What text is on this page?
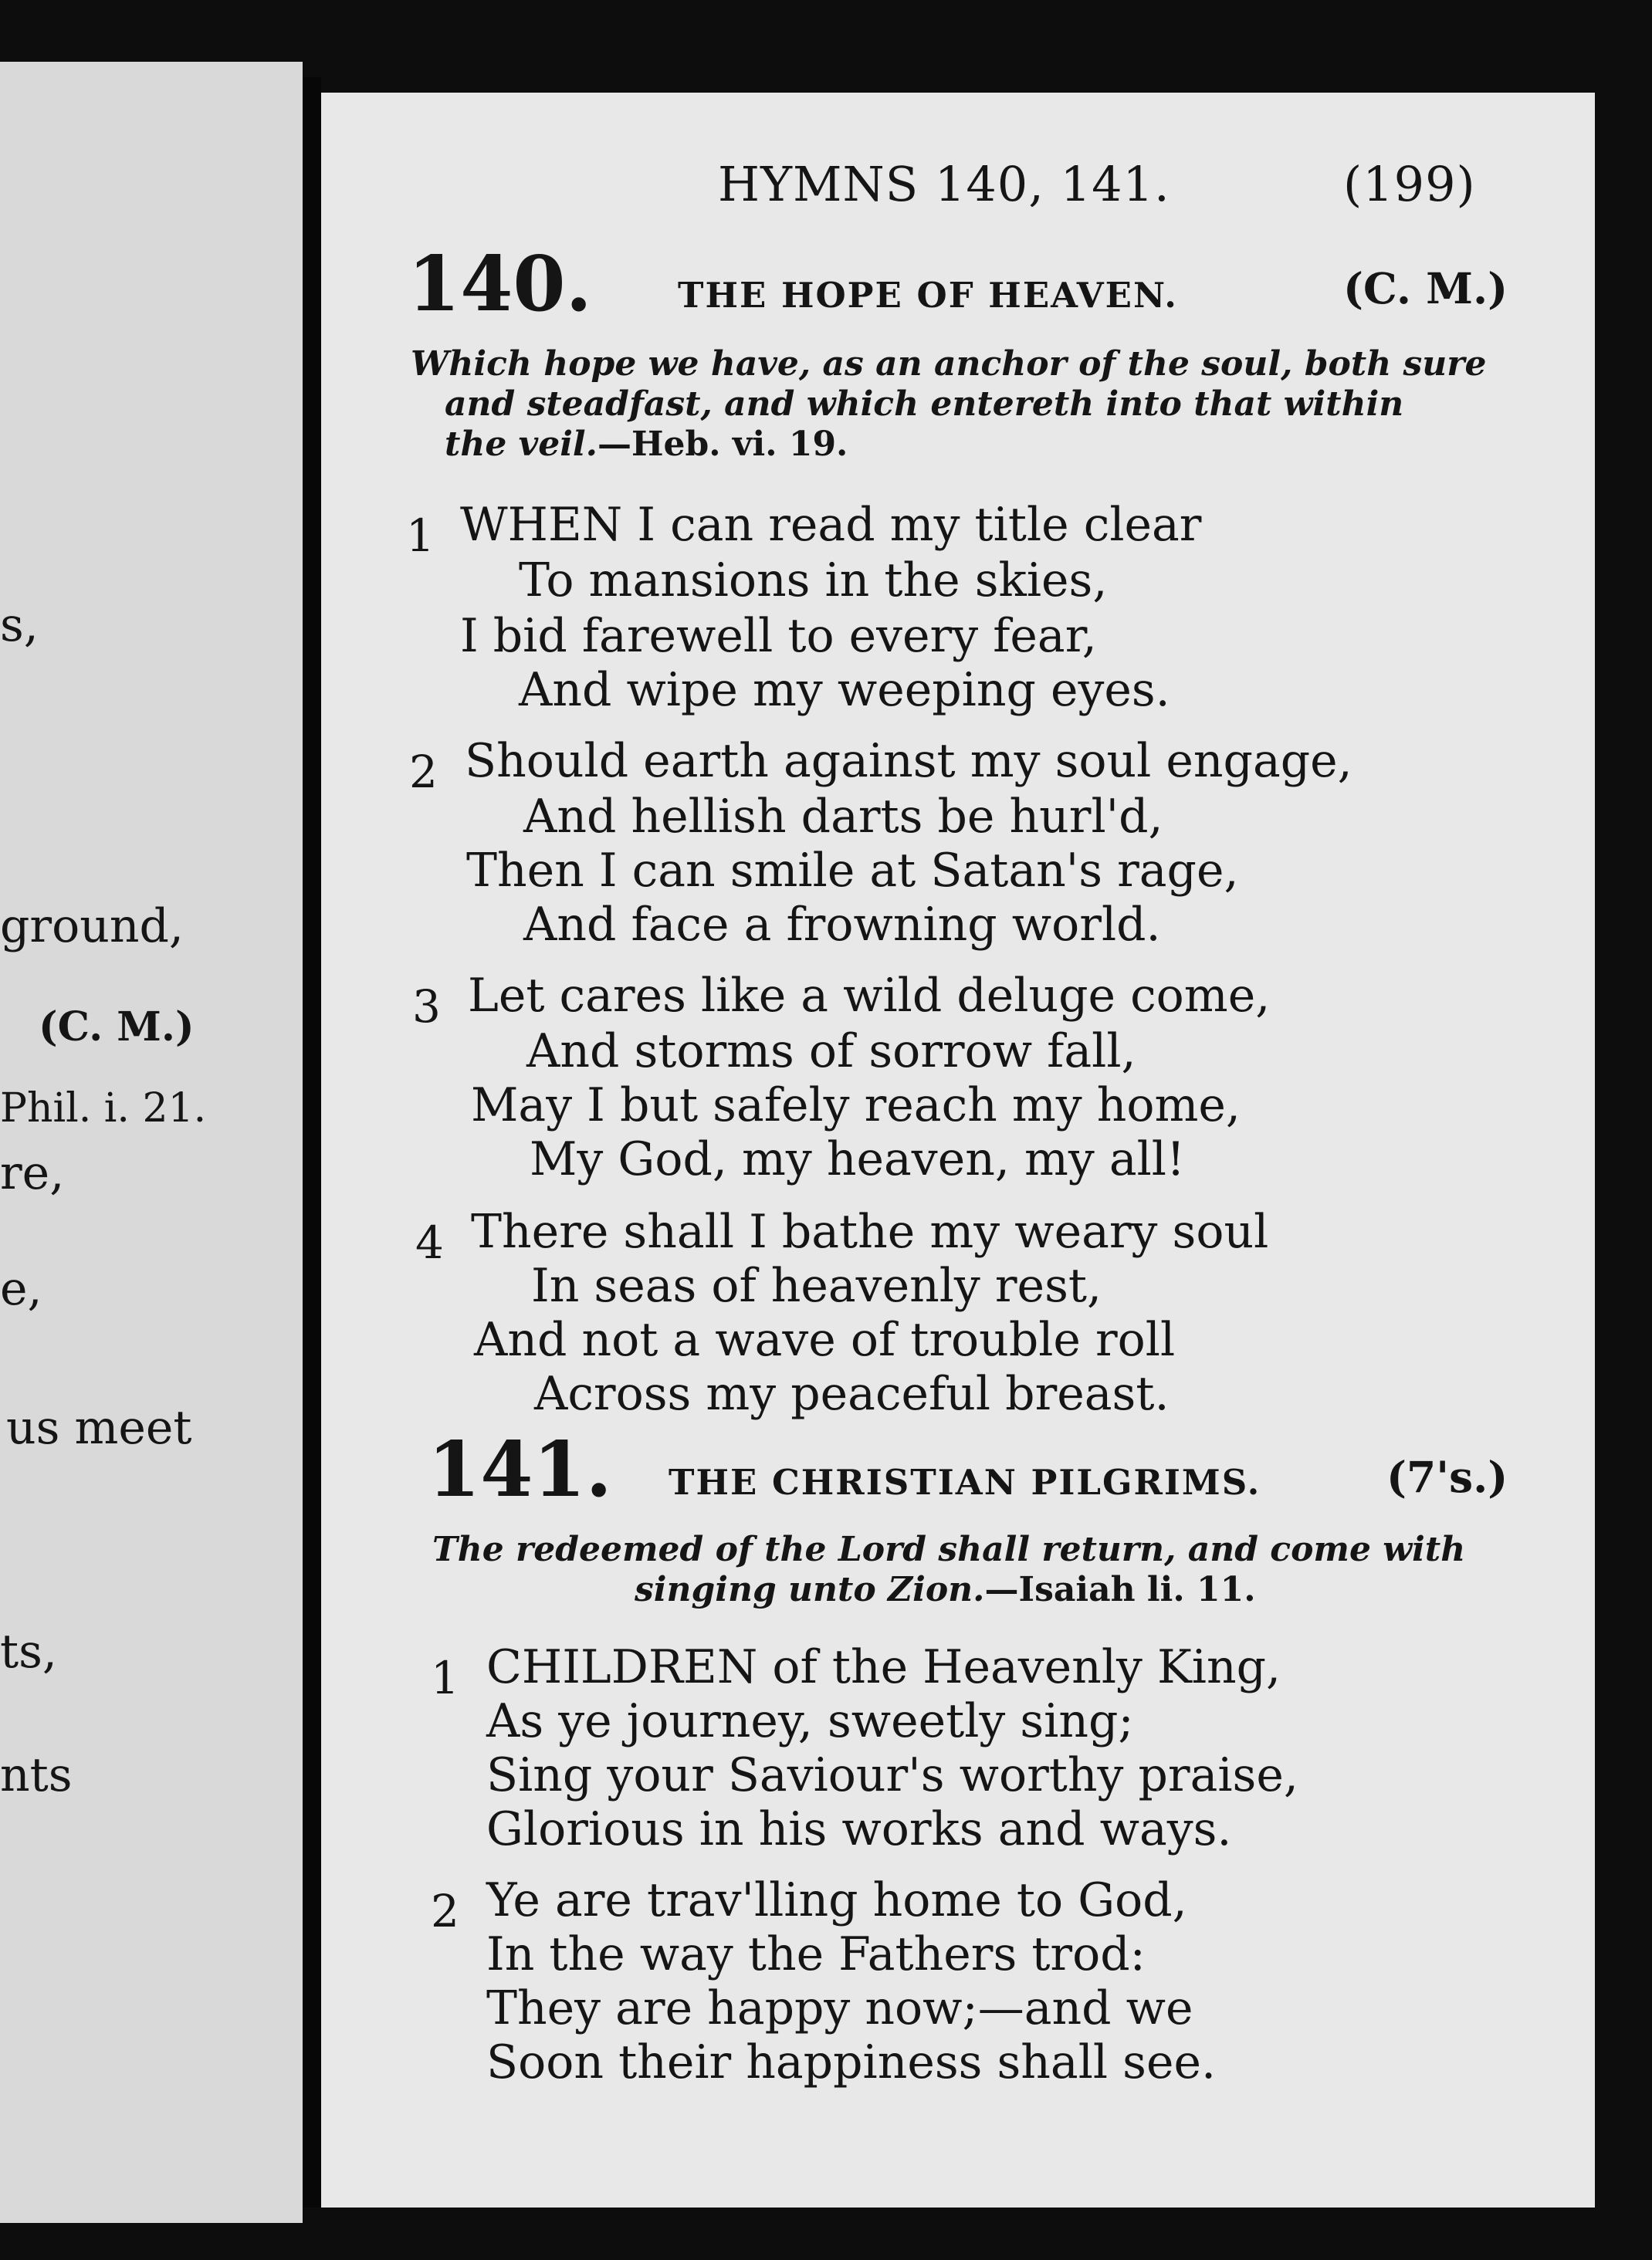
s,
ground,
(C. M.)
Phil. i. 21.
re,
e,
us meet
ts,
nts
HYMNS 140, 141.	(199)
140. THE HOPE OF HEAVEN.	(C. M.)
Which hope we have, as an anchor of the soul, both sure
and steadfast, and which entereth into that within
the veil.—Heb. vi. 19.
1 WHEN I can read my title clear
To mansions in the skies,
I bid farewell to every fear,
And wipe my weeping eyes.
2 Should earth against my soul engage,
And hellish darts be hurl'd,
Then I can smile at Satan's rage,
And face a frowning world.
3 Let cares like a wild deluge come,
And storms of sorrow fall,
May I but safely reach my home,
My God, my heaven, my all!
4 There shall I bathe my weary soul
In seas of heavenly rest,
And not a wave of trouble roll
Across my peaceful breast.
141. THE CHRISTIAN PILGRIMS.	(7's.)
The redeemed of the Lord shall return, and come with
singing unto Zion.—Isaiah li. 11.
1 CHILDREN of the Heavenly King,
As ye journey, sweetly sing;
Sing your Saviour's worthy praise,
Glorious in his works and ways.
2 Ye are trav'lling home to God,
In the way the Fathers trod:
They are happy now;—and we
Soon their happiness shall see.
